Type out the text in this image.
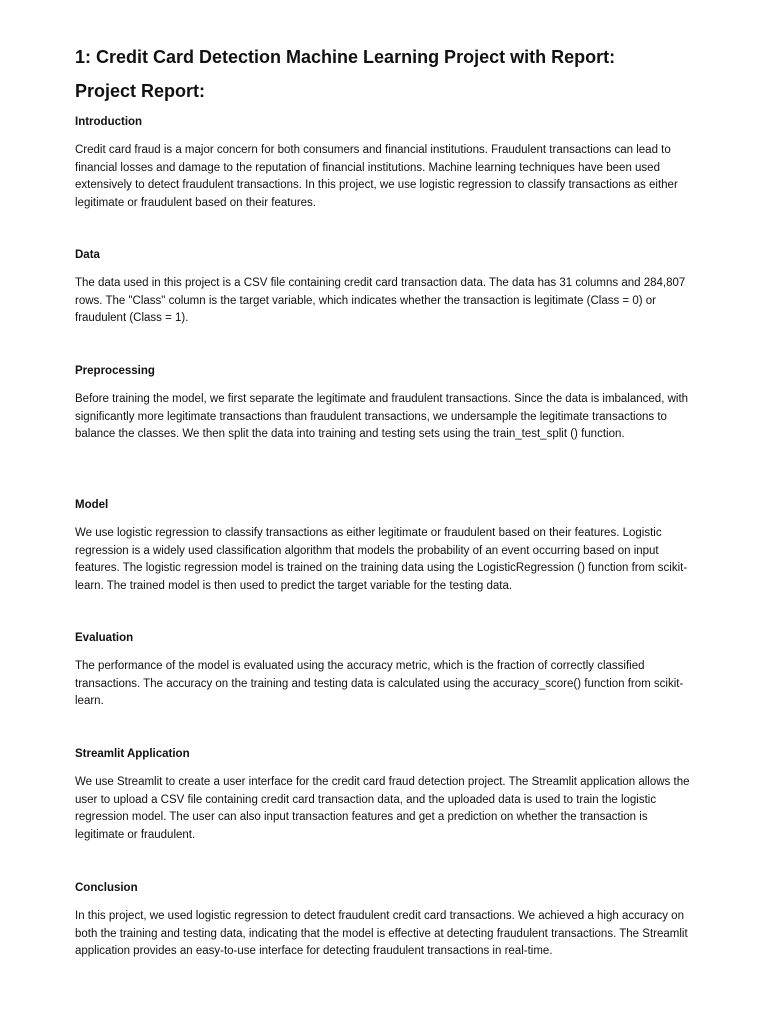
1: Credit Card Detection Machine Learning Project with Report:
Project Report:
Introduction

Credit card fraud is a major concern for both consumers and financial institutions. Fraudulent transactions can lead to financial losses and damage to the reputation of financial institutions. Machine learning techniques have been used extensively to detect fraudulent transactions. In this project, we use logistic regression to classify transactions as either legitimate or fraudulent based on their features.

Data

The data used in this project is a CSV file containing credit card transaction data. The data has 31 columns and 284,807 rows. The "Class" column is the target variable, which indicates whether the transaction is legitimate (Class = 0) or fraudulent (Class = 1).

Preprocessing

Before training the model, we first separate the legitimate and fraudulent transactions. Since the data is imbalanced, with significantly more legitimate transactions than fraudulent transactions, we undersample the legitimate transactions to balance the classes. We then split the data into training and testing sets using the train_test_split () function.

Model

We use logistic regression to classify transactions as either legitimate or fraudulent based on their features. Logistic regression is a widely used classification algorithm that models the probability of an event occurring based on input features. The logistic regression model is trained on the training data using the LogisticRegression () function from scikit-learn. The trained model is then used to predict the target variable for the testing data.

Evaluation

The performance of the model is evaluated using the accuracy metric, which is the fraction of correctly classified transactions. The accuracy on the training and testing data is calculated using the accuracy_score() function from scikit-learn.

Streamlit Application

We use Streamlit to create a user interface for the credit card fraud detection project. The Streamlit application allows the user to upload a CSV file containing credit card transaction data, and the uploaded data is used to train the logistic regression model. The user can also input transaction features and get a prediction on whether the transaction is legitimate or fraudulent.

Conclusion

In this project, we used logistic regression to detect fraudulent credit card transactions. We achieved a high accuracy on both the training and testing data, indicating that the model is effective at detecting fraudulent transactions. The Streamlit application provides an easy-to-use interface for detecting fraudulent transactions in real-time.
